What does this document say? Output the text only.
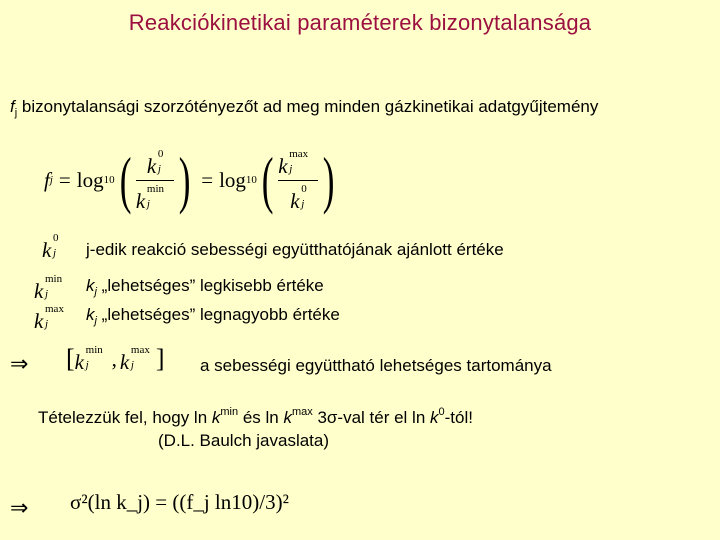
Reakciókinetikai paraméterek bizonytalansága
$f_j$ bizonytalansági szorzótényezőt ad meg minden gázkinetikai adatgyűjtemény
f j = log 10 ( k 0
j
k min
j ) = log 10 ( k max
j
k 0
j )
k 0
j j-edik reakció sebességi együtthatójának ajánlott értéke
k min
j $k_j$ „lehetséges” legkisebb értéke
k max
j $k_j$ „lehetséges” legnagyobb értéke
⇒ [ k min
j , k max
j ] a sebességi együttható lehetséges tartománya
Tételezzük fel, hogy $\ln k^{min}$ és $\ln k^{max}$ 3σ-val tér el $\ln k^0$-tól!
(D.L. Baulch javaslata)
⇒ σ²(ln k_j) = ((f_j ln10)/3)²
